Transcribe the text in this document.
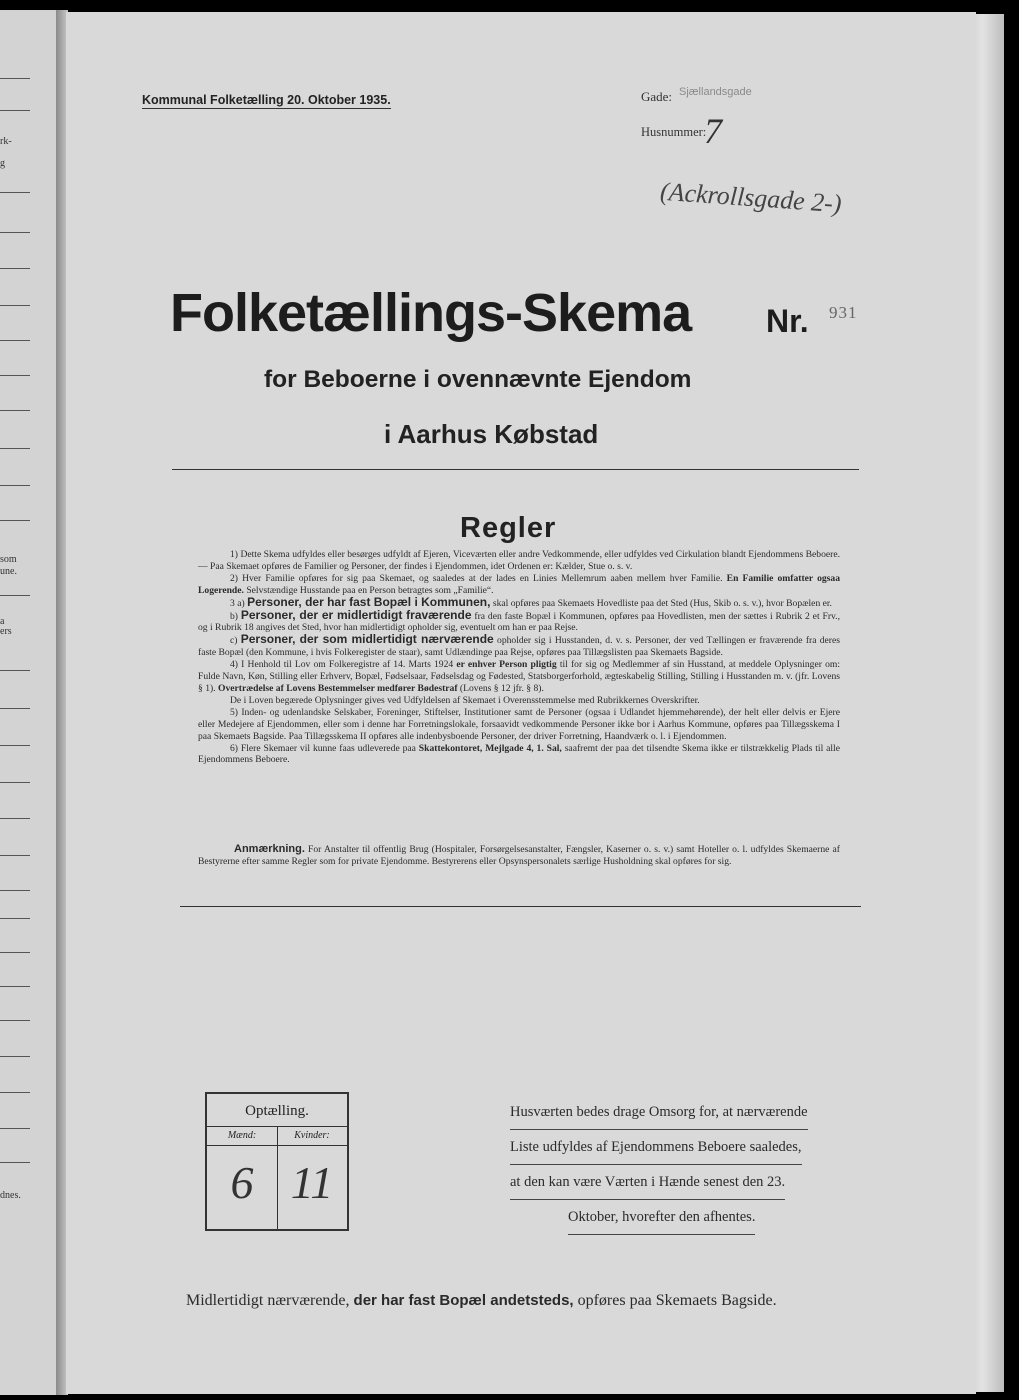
rk-
g
som
une.
a
ers
dnes.
Kommunal Folketælling 20. Oktober 1935.	Gade: Sjællandsgade
Husnummer:
7
(Ackrollsgade 2-)
Folketællings-Skema Nr. 931
for Beboerne i ovennævnte Ejendom
i Aarhus Købstad
Regler

1) Dette Skema udfyldes eller besørges udfyldt af Ejeren, Viceværten eller andre Vedkommende, eller udfyldes ved Cirkulation blandt Ejendommens Beboere. — Paa Skemaet opføres de Familier og Personer, der findes i Ejendommen, idet Ordenen er: Kælder, Stue o. s. v.

2) Hver Familie opføres for sig paa Skemaet, og saaledes at der lades en Linies Mellemrum aaben mellem hver Familie. En Familie omfatter ogsaa Logerende. Selvstændige Husstande paa en Person betragtes som „Familie“.

3 a) Personer, der har fast Bopæl i Kommunen, skal opføres paa Skemaets Hovedliste paa det Sted (Hus, Skib o. s. v.), hvor Bopælen er.

b) Personer, der er midlertidigt fraværende fra den faste Bopæl i Kommunen, opføres paa Hovedlisten, men der sættes i Rubrik 2 et Frv., og i Rubrik 18 angives det Sted, hvor han midlertidigt opholder sig, eventuelt om han er paa Rejse.

c) Personer, der som midlertidigt nærværende opholder sig i Husstanden, d. v. s. Personer, der ved Tællingen er fraværende fra deres faste Bopæl (den Kommune, i hvis Folkeregister de staar), samt Udlændinge paa Rejse, opføres paa Tillægslisten paa Skemaets Bagside.

4) I Henhold til Lov om Folkeregistre af 14. Marts 1924 er enhver Person pligtig til for sig og Medlemmer af sin Husstand, at meddele Oplysninger om: Fulde Navn, Køn, Stilling eller Erhverv, Bopæl, Fødselsaar, Fødselsdag og Fødested, Statsborgerforhold, ægteskabelig Stilling, Stilling i Husstanden m. v. (jfr. Lovens § 1). Overtrædelse af Lovens Bestemmelser medfører Bødestraf (Lovens § 12 jfr. § 8).

De i Loven begærede Oplysninger gives ved Udfyldelsen af Skemaet i Overensstemmelse med Rubrikkernes Overskrifter.

5) Inden- og udenlandske Selskaber, Foreninger, Stiftelser, Institutioner samt de Personer (ogsaa i Udlandet hjemmehørende), der helt eller delvis er Ejere eller Medejere af Ejendommen, eller som i denne har Forretningslokale, forsaavidt vedkommende Personer ikke bor i Aarhus Kommune, opføres paa Tillægsskema I paa Skemaets Bagside. Paa Tillægsskema II opføres alle indenbysboende Personer, der driver Forretning, Haandværk o. l. i Ejendommen.

6) Flere Skemaer vil kunne faas udleverede paa Skattekontoret, Mejlgade 4, 1. Sal, saafremt der paa det tilsendte Skema ikke er tilstrækkelig Plads til alle Ejendommens Beboere.

Anmærkning. For Anstalter til offentlig Brug (Hospitaler, Forsørgelsesanstalter, Fængsler, Kaserner o. s. v.) samt Hoteller o. l. udfyldes Skemaerne af Bestyrerne efter samme Regler som for private Ejendomme. Bestyrerens eller Opsynspersonalets særlige Husholdning skal opføres for sig.

Optælling.
Mænd:	Kvinder:
6 11
Husværten bedes drage Omsorg for, at nærværende
Liste udfyldes af Ejendommens Beboere saaledes,
at den kan være Værten i Hænde senest den 23.
Oktober, hvorefter den afhentes.
Midlertidigt nærværende, der har fast Bopæl andetsteds, opføres paa Skemaets Bagside.
